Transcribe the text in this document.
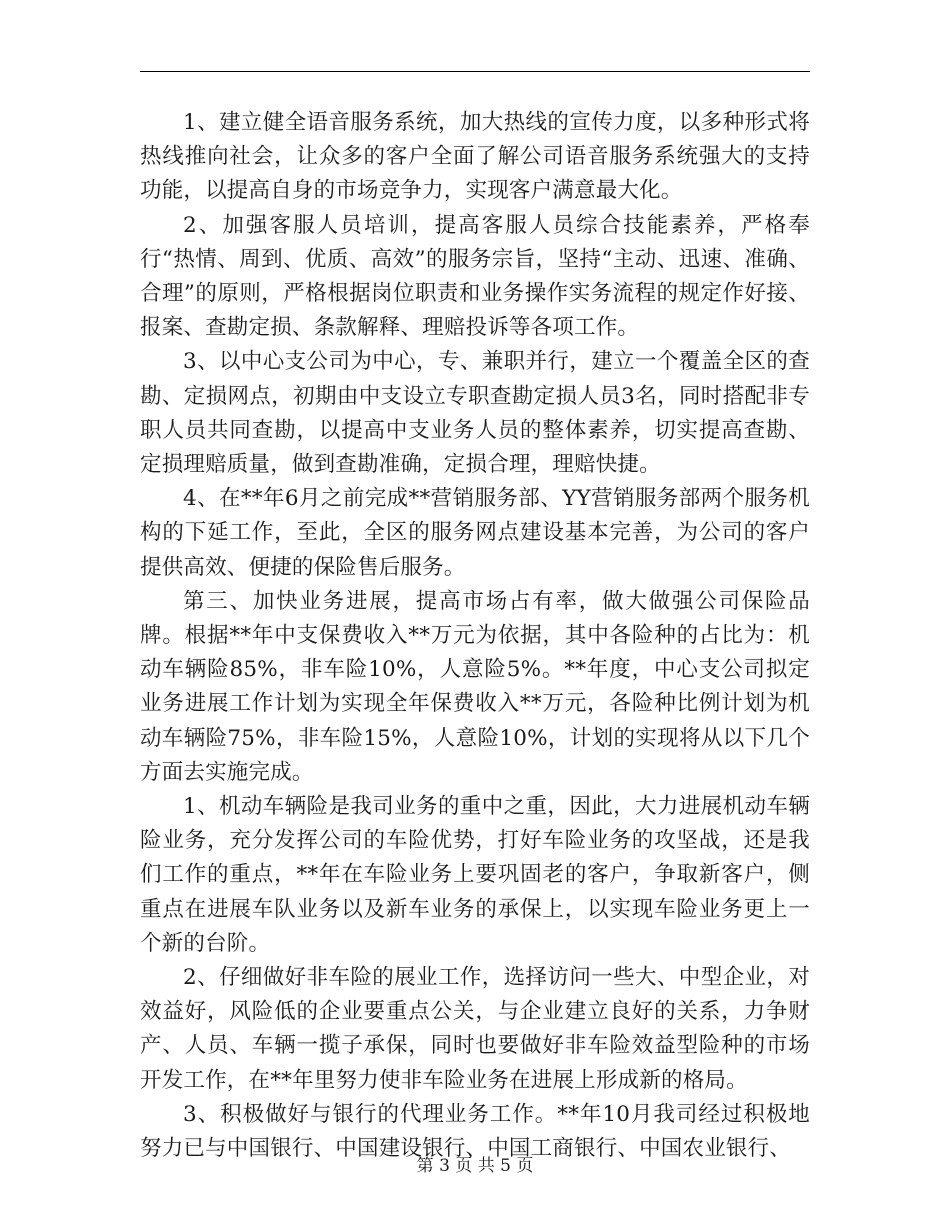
1、建立健全语音服务系统，加大热线的宣传力度，以多种形式将热线推向社会，让众多的客户全面了解公司语音服务系统强大的支持功能，以提高自身的市场竞争力，实现客户满意最大化。

2、加强客服人员培训，提高客服人员综合技能素养，严格奉行“热情、周到、优质、高效”的服务宗旨，坚持“主动、迅速、准确、合理”的原则，严格根据岗位职责和业务操作实务流程的规定作好接、报案、查勘定损、条款解释、理赔投诉等各项工作。

3、以中心支公司为中心，专、兼职并行，建立一个覆盖全区的查勘、定损网点，初期由中支设立专职查勘定损人员3名，同时搭配非专职人员共同查勘，以提高中支业务人员的整体素养，切实提高查勘、定损理赔质量，做到查勘准确，定损合理，理赔快捷。

4、在**年6月之前完成**营销服务部、YY营销服务部两个服务机构的下延工作，至此，全区的服务网点建设基本完善，为公司的客户提供高效、便捷的保险售后服务。

第三、加快业务进展，提高市场占有率，做大做强公司保险品牌。根据**年中支保费收入**万元为依据，其中各险种的占比为：机动车辆险85%，非车险10%，人意险5%。**年度，中心支公司拟定业务进展工作计划为实现全年保费收入**万元，各险种比例计划为机动车辆险75%，非车险15%，人意险10%，计划的实现将从以下几个方面去实施完成。

1、机动车辆险是我司业务的重中之重，因此，大力进展机动车辆险业务，充分发挥公司的车险优势，打好车险业务的攻坚战，还是我们工作的重点，**年在车险业务上要巩固老的客户，争取新客户，侧重点在进展车队业务以及新车业务的承保上，以实现车险业务更上一个新的台阶。

2、仔细做好非车险的展业工作，选择访问一些大、中型企业，对效益好，风险低的企业要重点公关，与企业建立良好的关系，力争财产、人员、车辆一揽子承保，同时也要做好非车险效益型险种的市场开发工作，在**年里努力使非车险业务在进展上形成新的格局。

3、积极做好与银行的代理业务工作。**年10月我司经过积极地努力已与中国银行、中国建设银行、中国工商银行、中国农业银行、

第 3 页 共 5 页
